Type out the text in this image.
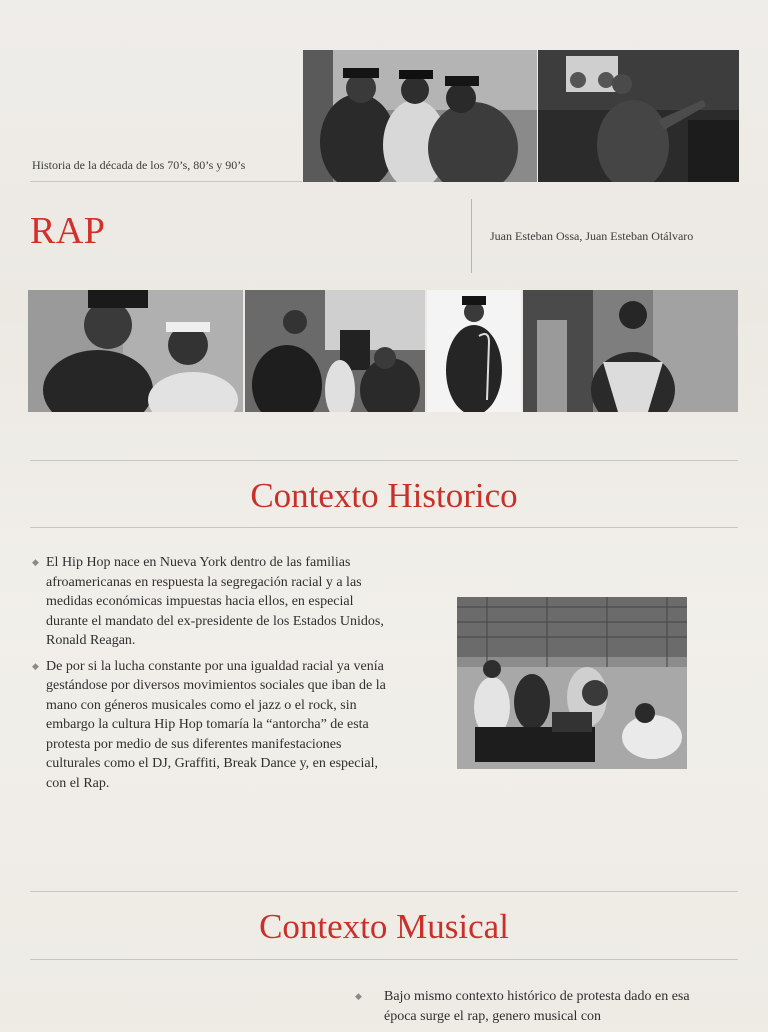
Historia de la década de los 70’s, 80’s y 90’s
RAP	Juan Esteban Ossa, Juan Esteban Otálvaro
Contexto Historico
◆ El Hip Hop nace en Nueva York dentro de las familias afroamericanas en respuesta la segregación racial y a las medidas económicas impuestas hacia ellos, en especial durante el mandato del ex-presidente de los Estados Unidos, Ronald Reagan.
◆ De por si la lucha constante por una igualdad racial ya venía gestándose por diversos movimientos sociales que iban de la mano con géneros musicales como el jazz o el rock, sin embargo la cultura Hip Hop tomaría la “antorcha” de esta protesta por medio de sus diferentes manifestaciones culturales como el DJ, Graffiti, Break Dance y, en especial, con el Rap.
Contexto Musical
◆ Bajo mismo contexto histórico de protesta dado en esa época surge el rap, genero musical con
